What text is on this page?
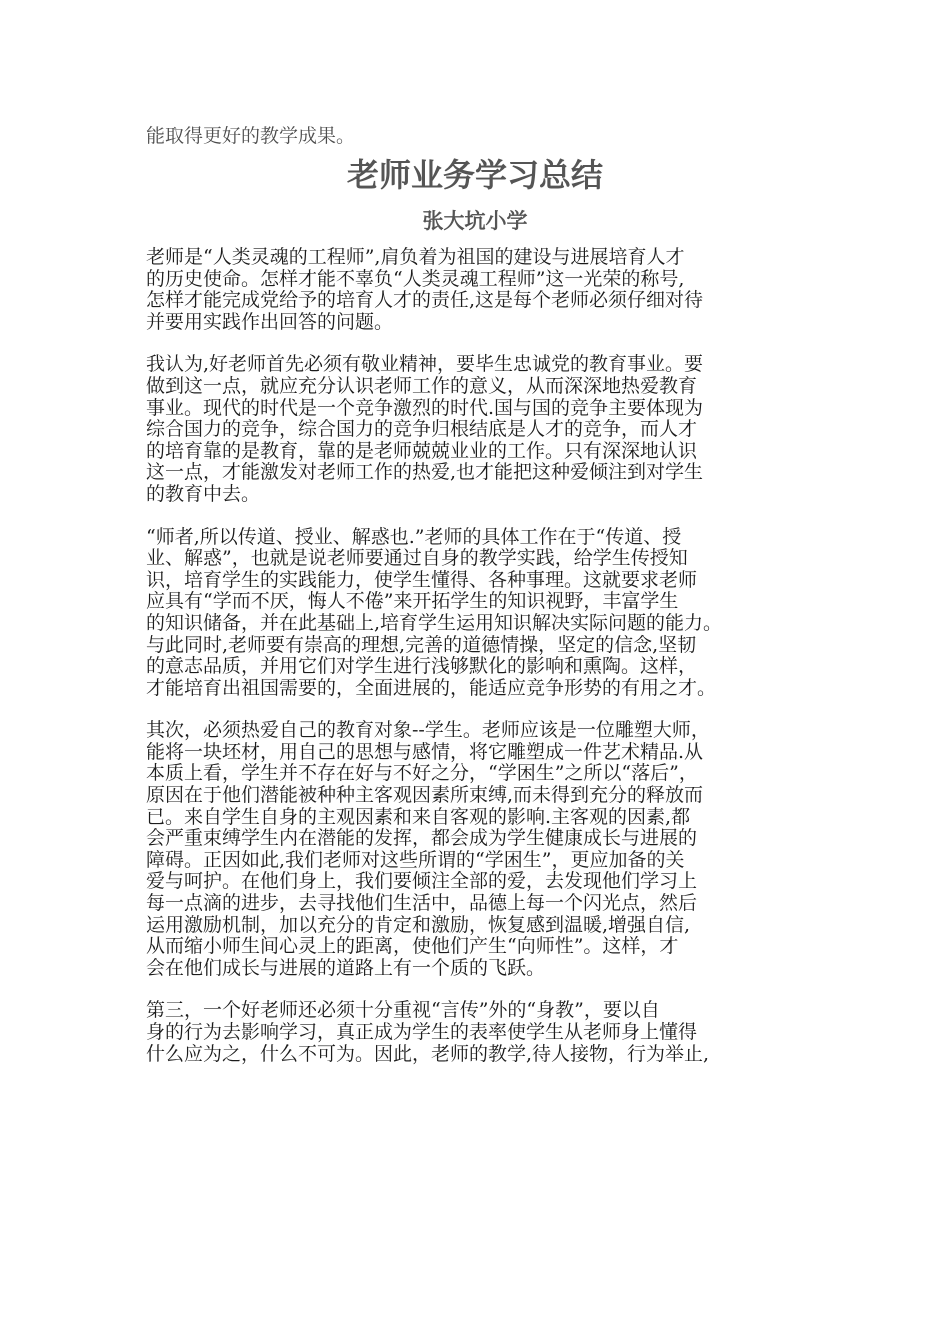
能取得更好的教学成果。
老师业务学习总结
张大坑小学
老师是“人类灵魂的工程师”,肩负着为祖国的建设与进展培育人才
的历史使命。怎样才能不辜负“人类灵魂工程师”这一光荣的称号,
怎样才能完成党给予的培育人才的责任,这是每个老师必须仔细对待
并要用实践作出回答的问题。
我认为,好老师首先必须有敬业精神，要毕生忠诚党的教育事业。要
做到这一点，就应充分认识老师工作的意义，从而深深地热爱教育
事业。现代的时代是一个竞争激烈的时代.国与国的竞争主要体现为
综合国力的竞争，综合国力的竞争归根结底是人才的竞争，而人才
的培育靠的是教育，靠的是老师兢兢业业的工作。只有深深地认识
这一点，才能激发对老师工作的热爱,也才能把这种爱倾注到对学生
的教育中去。
“师者,所以传道、授业、解惑也.”老师的具体工作在于“传道、授
业、解惑”，也就是说老师要通过自身的教学实践，给学生传授知
识，培育学生的实践能力，使学生懂得、各种事理。这就要求老师
应具有“学而不厌，悔人不倦”来开拓学生的知识视野，丰富学生
的知识储备，并在此基础上,培育学生运用知识解决实际问题的能力。
与此同时,老师要有崇高的理想,完善的道德情操，坚定的信念,坚韧
的意志品质，并用它们对学生进行浅够默化的影响和熏陶。这样，
才能培育出祖国需要的，全面进展的，能适应竞争形势的有用之才。
其次，必须热爱自己的教育对象--学生。老师应该是一位雕塑大师，
能将一块坯材，用自己的思想与感情，将它雕塑成一件艺术精品.从
本质上看，学生并不存在好与不好之分，“学困生”之所以“落后”，
原因在于他们潜能被种种主客观因素所束缚,而未得到充分的释放而
已。来自学生自身的主观因素和来自客观的影响.主客观的因素,都
会严重束缚学生内在潜能的发挥，都会成为学生健康成长与进展的
障碍。正因如此,我们老师对这些所谓的“学困生”，更应加备的关
爱与呵护。在他们身上，我们要倾注全部的爱，去发现他们学习上
每一点滴的进步，去寻找他们生活中，品德上每一个闪光点，然后
运用激励机制，加以充分的肯定和激励，恢复感到温暖,增强自信,
从而缩小师生间心灵上的距离，使他们产生“向师性”。这样，才
会在他们成长与进展的道路上有一个质的飞跃。
第三，一个好老师还必须十分重视“言传”外的“身教”，要以自
身的行为去影响学习，真正成为学生的表率使学生从老师身上懂得
什么应为之，什么不可为。因此，老师的教学,待人接物，行为举止,
